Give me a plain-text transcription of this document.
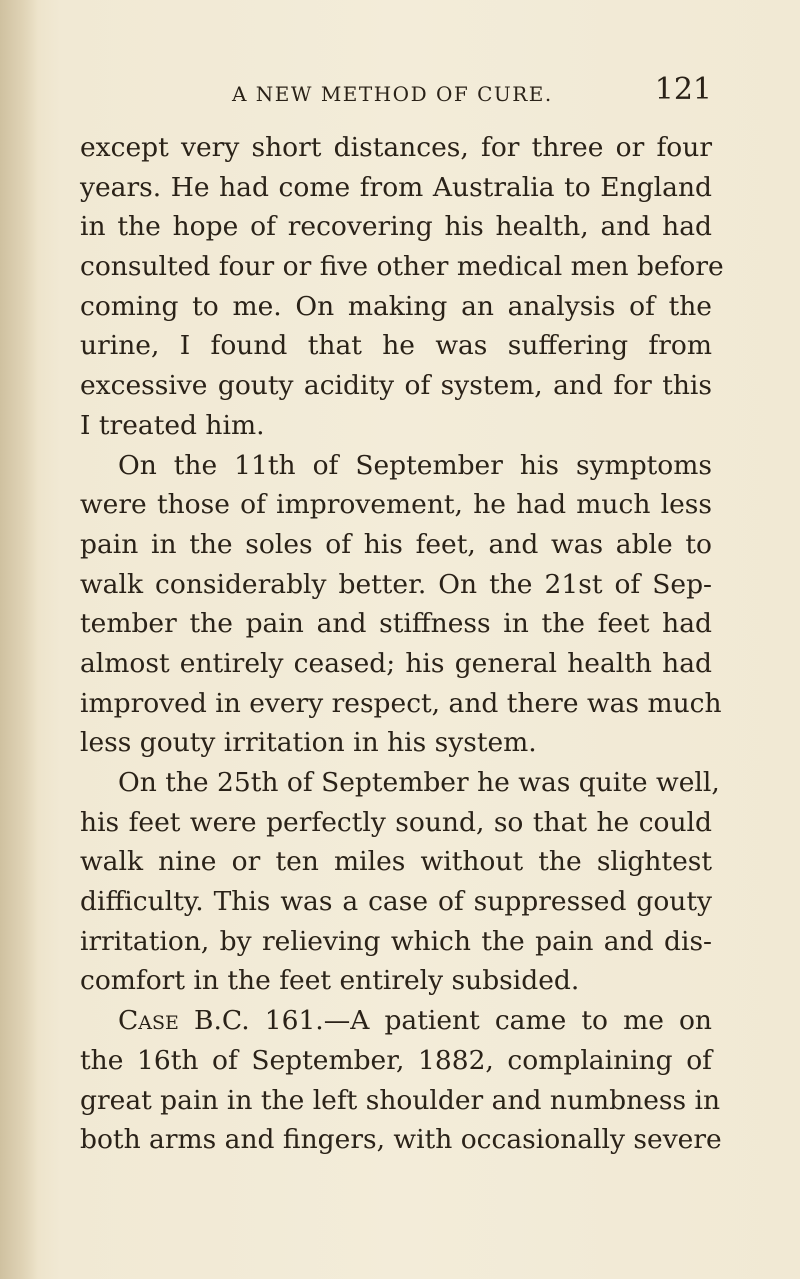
A NEW METHOD OF CURE.	121
except very short distances, for three or four
years. He had come from Australia to England
in the hope of recovering his health, and had
consulted four or five other medical men before
coming to me. On making an analysis of the
urine, I found that he was suffering from
excessive gouty acidity of system, and for this
I treated him.
On the 11th of September his symptoms
were those of improvement, he had much less
pain in the soles of his feet, and was able to
walk considerably better. On the 21st of Sep-
tember the pain and stiffness in the feet had
almost entirely ceased; his general health had
improved in every respect, and there was much
less gouty irritation in his system.
On the 25th of September he was quite well,
his feet were perfectly sound, so that he could
walk nine or ten miles without the slightest
difficulty. This was a case of suppressed gouty
irritation, by relieving which the pain and dis-
comfort in the feet entirely subsided.
Case B.C. 161.—A patient came to me on
the 16th of September, 1882, complaining of
great pain in the left shoulder and numbness in
both arms and fingers, with occasionally severe
